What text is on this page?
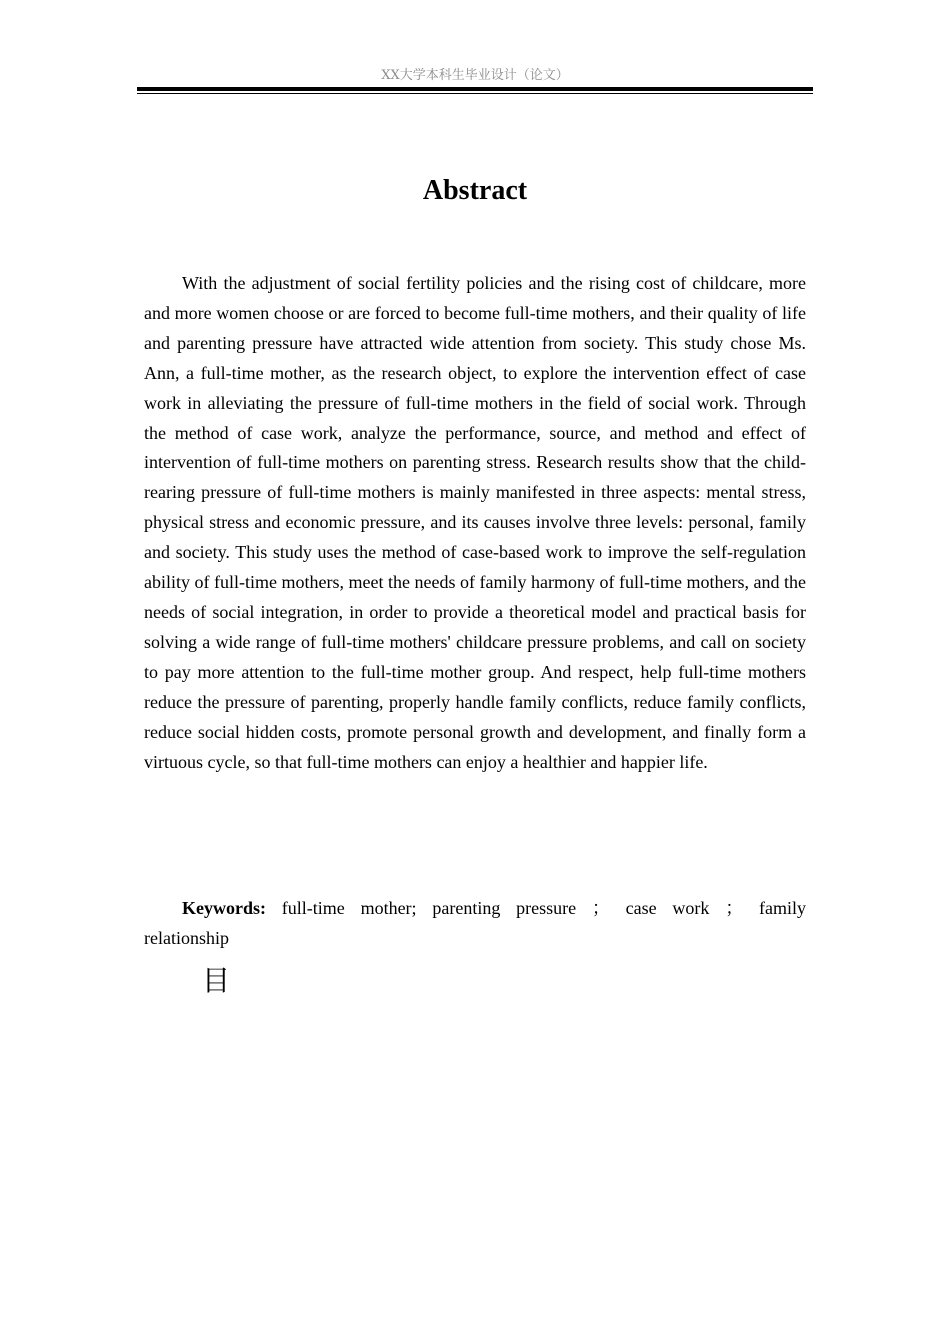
XX大学本科生毕业设计（论文）
Abstract

With the adjustment of social fertility policies and the rising cost of childcare, more and more women choose or are forced to become full-time mothers, and their quality of life and parenting pressure have attracted wide attention from society. This study chose Ms. Ann, a full-time mother, as the research object, to explore the intervention effect of case work in alleviating the pressure of full-time mothers in the field of social work. Through the method of case work, analyze the performance, source, and method and effect of intervention of full-time mothers on parenting stress. Research results show that the child-rearing pressure of full-time mothers is mainly manifested in three aspects: mental stress, physical stress and economic pressure, and its causes involve three levels: personal, family and society. This study uses the method of case-based work to improve the self-regulation ability of full-time mothers, meet the needs of family harmony of full-time mothers, and the needs of social integration, in order to provide a theoretical model and practical basis for solving a wide range of full-time mothers' childcare pressure problems, and call on society to pay more attention to the full-time mother group. And respect, help full-time mothers reduce the pressure of parenting, properly handle family conflicts, reduce family conflicts, reduce social hidden costs, promote personal growth and development, and finally form a virtuous cycle, so that full-time mothers can enjoy a healthier and happier life.

Keywords: full-time mother; parenting pressure ； case work ； family relationship

目
